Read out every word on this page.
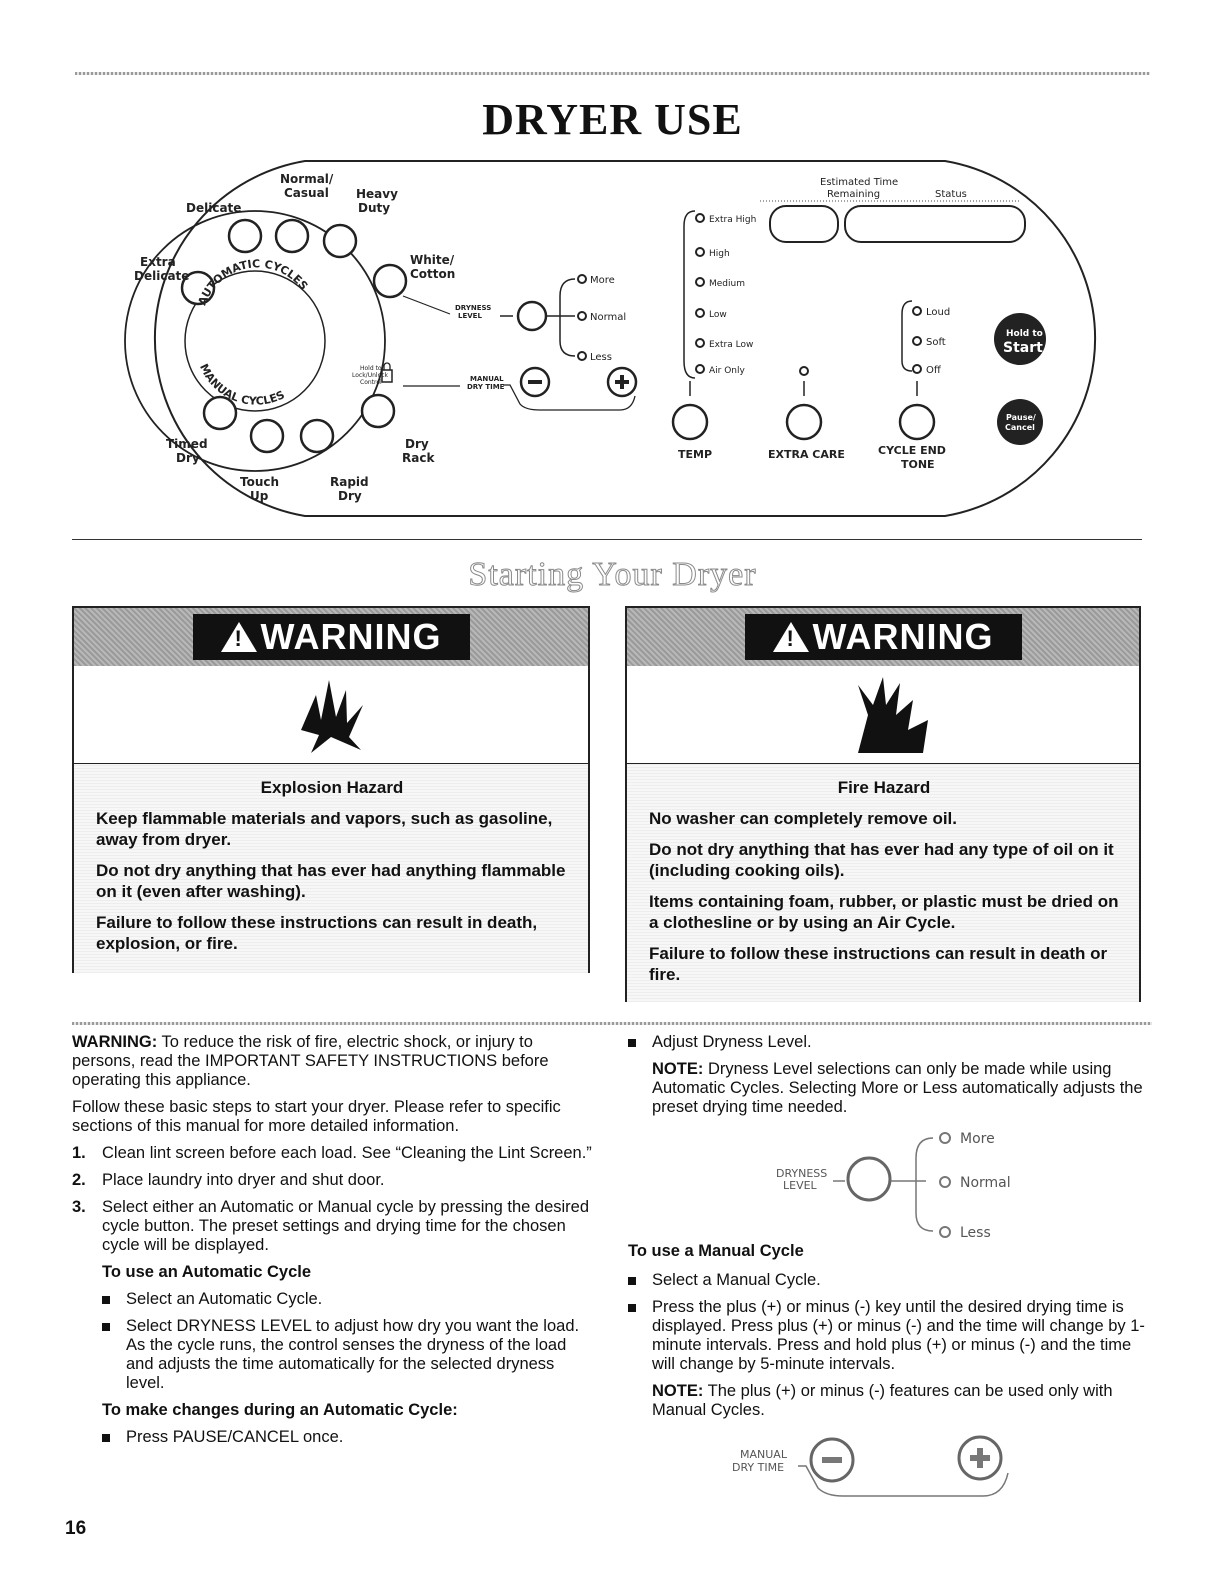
DRYER USE
Normal/
Casual Heavy
Duty
Delicate
Extra
Delicate
White/
Cotton
Timed
Dry
Touch
Up
Rapid
Dry
Dry
Rack
AUTOMATIC CYCLES
MANUAL CYCLES
Hold to
Lock/Unlock
Control
DRYNESS
LEVEL
More
Normal
Less
MANUAL
DRY TIME
Estimated Time
Remaining	Status
Extra High
High
Medium
Low
Extra Low
Air Only
TEMP	EXTRA CARE
Loud
Soft
Off
CYCLE END
TONE
Hold to
Start
Pause/
Cancel
Starting Your Dryer
!
WARNING
Explosion Hazard
Keep flammable materials and vapors, such as gasoline, away from dryer.
Do not dry anything that has ever had anything flammable on it (even after washing).
Failure to follow these instructions can result in death, explosion, or fire.
!
WARNING
Fire Hazard
No washer can completely remove oil.
Do not dry anything that has ever had any type of oil on it (including cooking oils).
Items containing foam, rubber, or plastic must be dried on a clothesline or by using an Air Cycle.
Failure to follow these instructions can result in death or fire.

WARNING: To reduce the risk of fire, electric shock, or injury to persons, read the IMPORTANT SAFETY INSTRUCTIONS before operating this appliance.

Follow these basic steps to start your dryer. Please refer to specific sections of this manual for more detailed information.

1. Clean lint screen before each load. See “Cleaning the Lint Screen.”
2. Place laundry into dryer and shut door.
3. Select either an Automatic or Manual cycle by pressing the desired cycle button. The preset settings and drying time for the chosen cycle will be displayed.
To use an Automatic Cycle
Select an Automatic Cycle.
Select DRYNESS LEVEL to adjust how dry you want the load. As the cycle runs, the control senses the dryness of the load and adjusts the time automatically for the selected dryness level.
To make changes during an Automatic Cycle:
Press PAUSE/CANCEL once.
Adjust Dryness Level.

NOTE: Dryness Level selections can only be made while using Automatic Cycles. Selecting More or Less automatically adjusts the preset drying time needed.

DRYNESS
LEVEL
More
Normal
Less
To use a Manual Cycle
Select a Manual Cycle.
Press the plus (+) or minus (-) key until the desired drying time is displayed. Press plus (+) or minus (-) and the time will change by 1-minute intervals. Press and hold plus (+) or minus (-) and the time will change by 5-minute intervals.

NOTE: The plus (+) or minus (-) features can be used only with Manual Cycles.

MANUAL
DRY TIME
16
